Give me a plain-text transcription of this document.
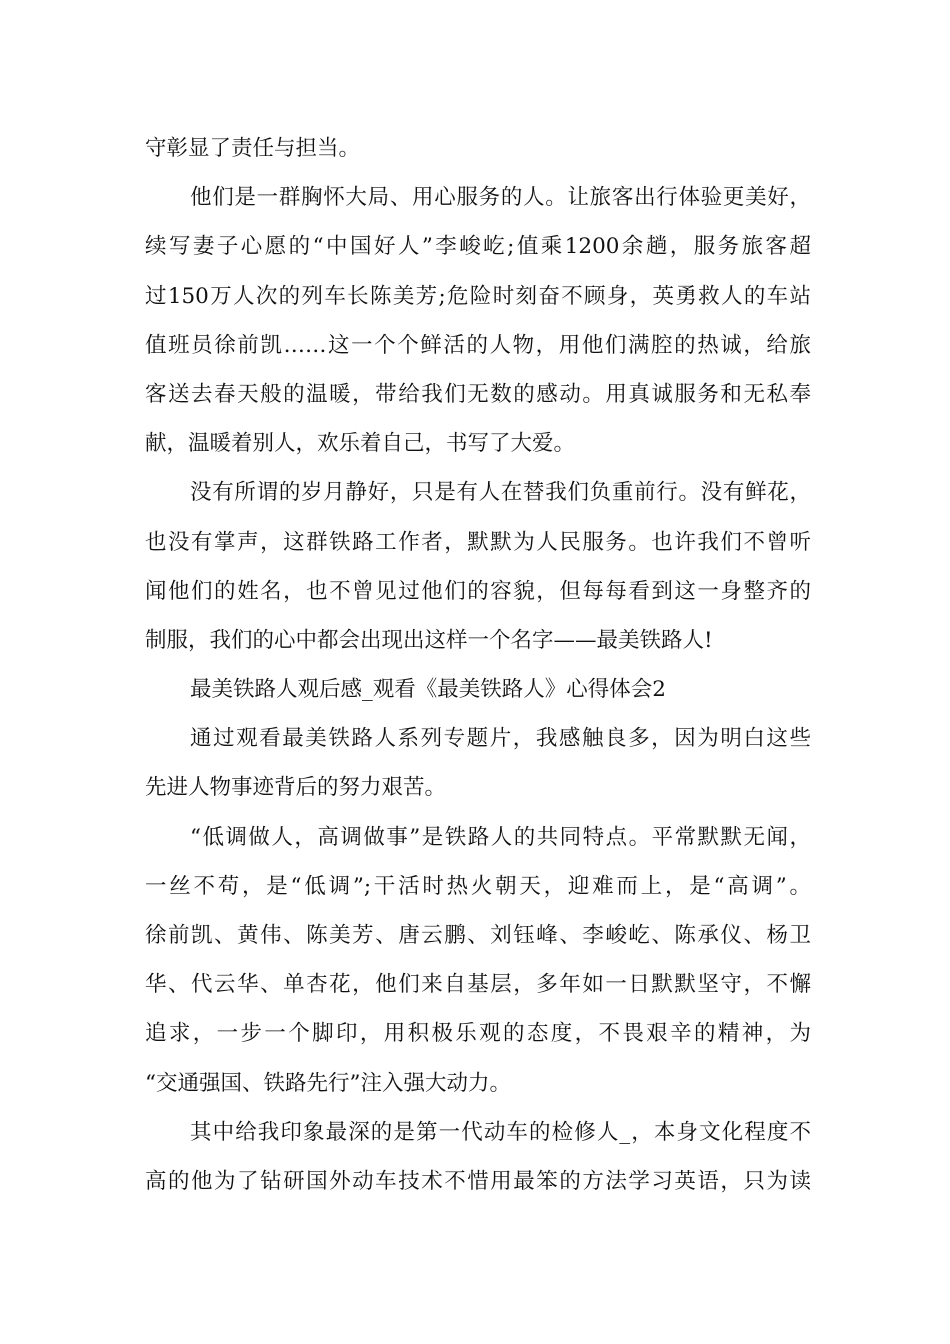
守彰显了责任与担当。
他们是一群胸怀大局、用心服务的人。让旅客出行体验更美好，
续写妻子心愿的“中国好人”李峻屹;值乘1200余趟，服务旅客超
过150万人次的列车长陈美芳;危险时刻奋不顾身，英勇救人的车站
值班员徐前凯……这一个个鲜活的人物，用他们满腔的热诚，给旅
客送去春天般的温暖，带给我们无数的感动。用真诚服务和无私奉
献，温暖着别人，欢乐着自己，书写了大爱。
没有所谓的岁月静好，只是有人在替我们负重前行。没有鲜花，
也没有掌声，这群铁路工作者，默默为人民服务。也许我们不曾听
闻他们的姓名，也不曾见过他们的容貌，但每每看到这一身整齐的
制服，我们的心中都会出现出这样一个名字——最美铁路人!
最美铁路人观后感_观看《最美铁路人》心得体会2
通过观看最美铁路人系列专题片，我感触良多，因为明白这些
先进人物事迹背后的努力艰苦。
“低调做人，高调做事”是铁路人的共同特点。平常默默无闻，
一丝不苟，是“低调”;干活时热火朝天，迎难而上，是“高调”。
徐前凯、黄伟、陈美芳、唐云鹏、刘钰峰、李峻屹、陈承仪、杨卫
华、代云华、单杏花，他们来自基层，多年如一日默默坚守，不懈
追求，一步一个脚印，用积极乐观的态度，不畏艰辛的精神，为
“交通强国、铁路先行”注入强大动力。
其中给我印象最深的是第一代动车的检修人_，本身文化程度不
高的他为了钻研国外动车技术不惜用最笨的方法学习英语，只为读
